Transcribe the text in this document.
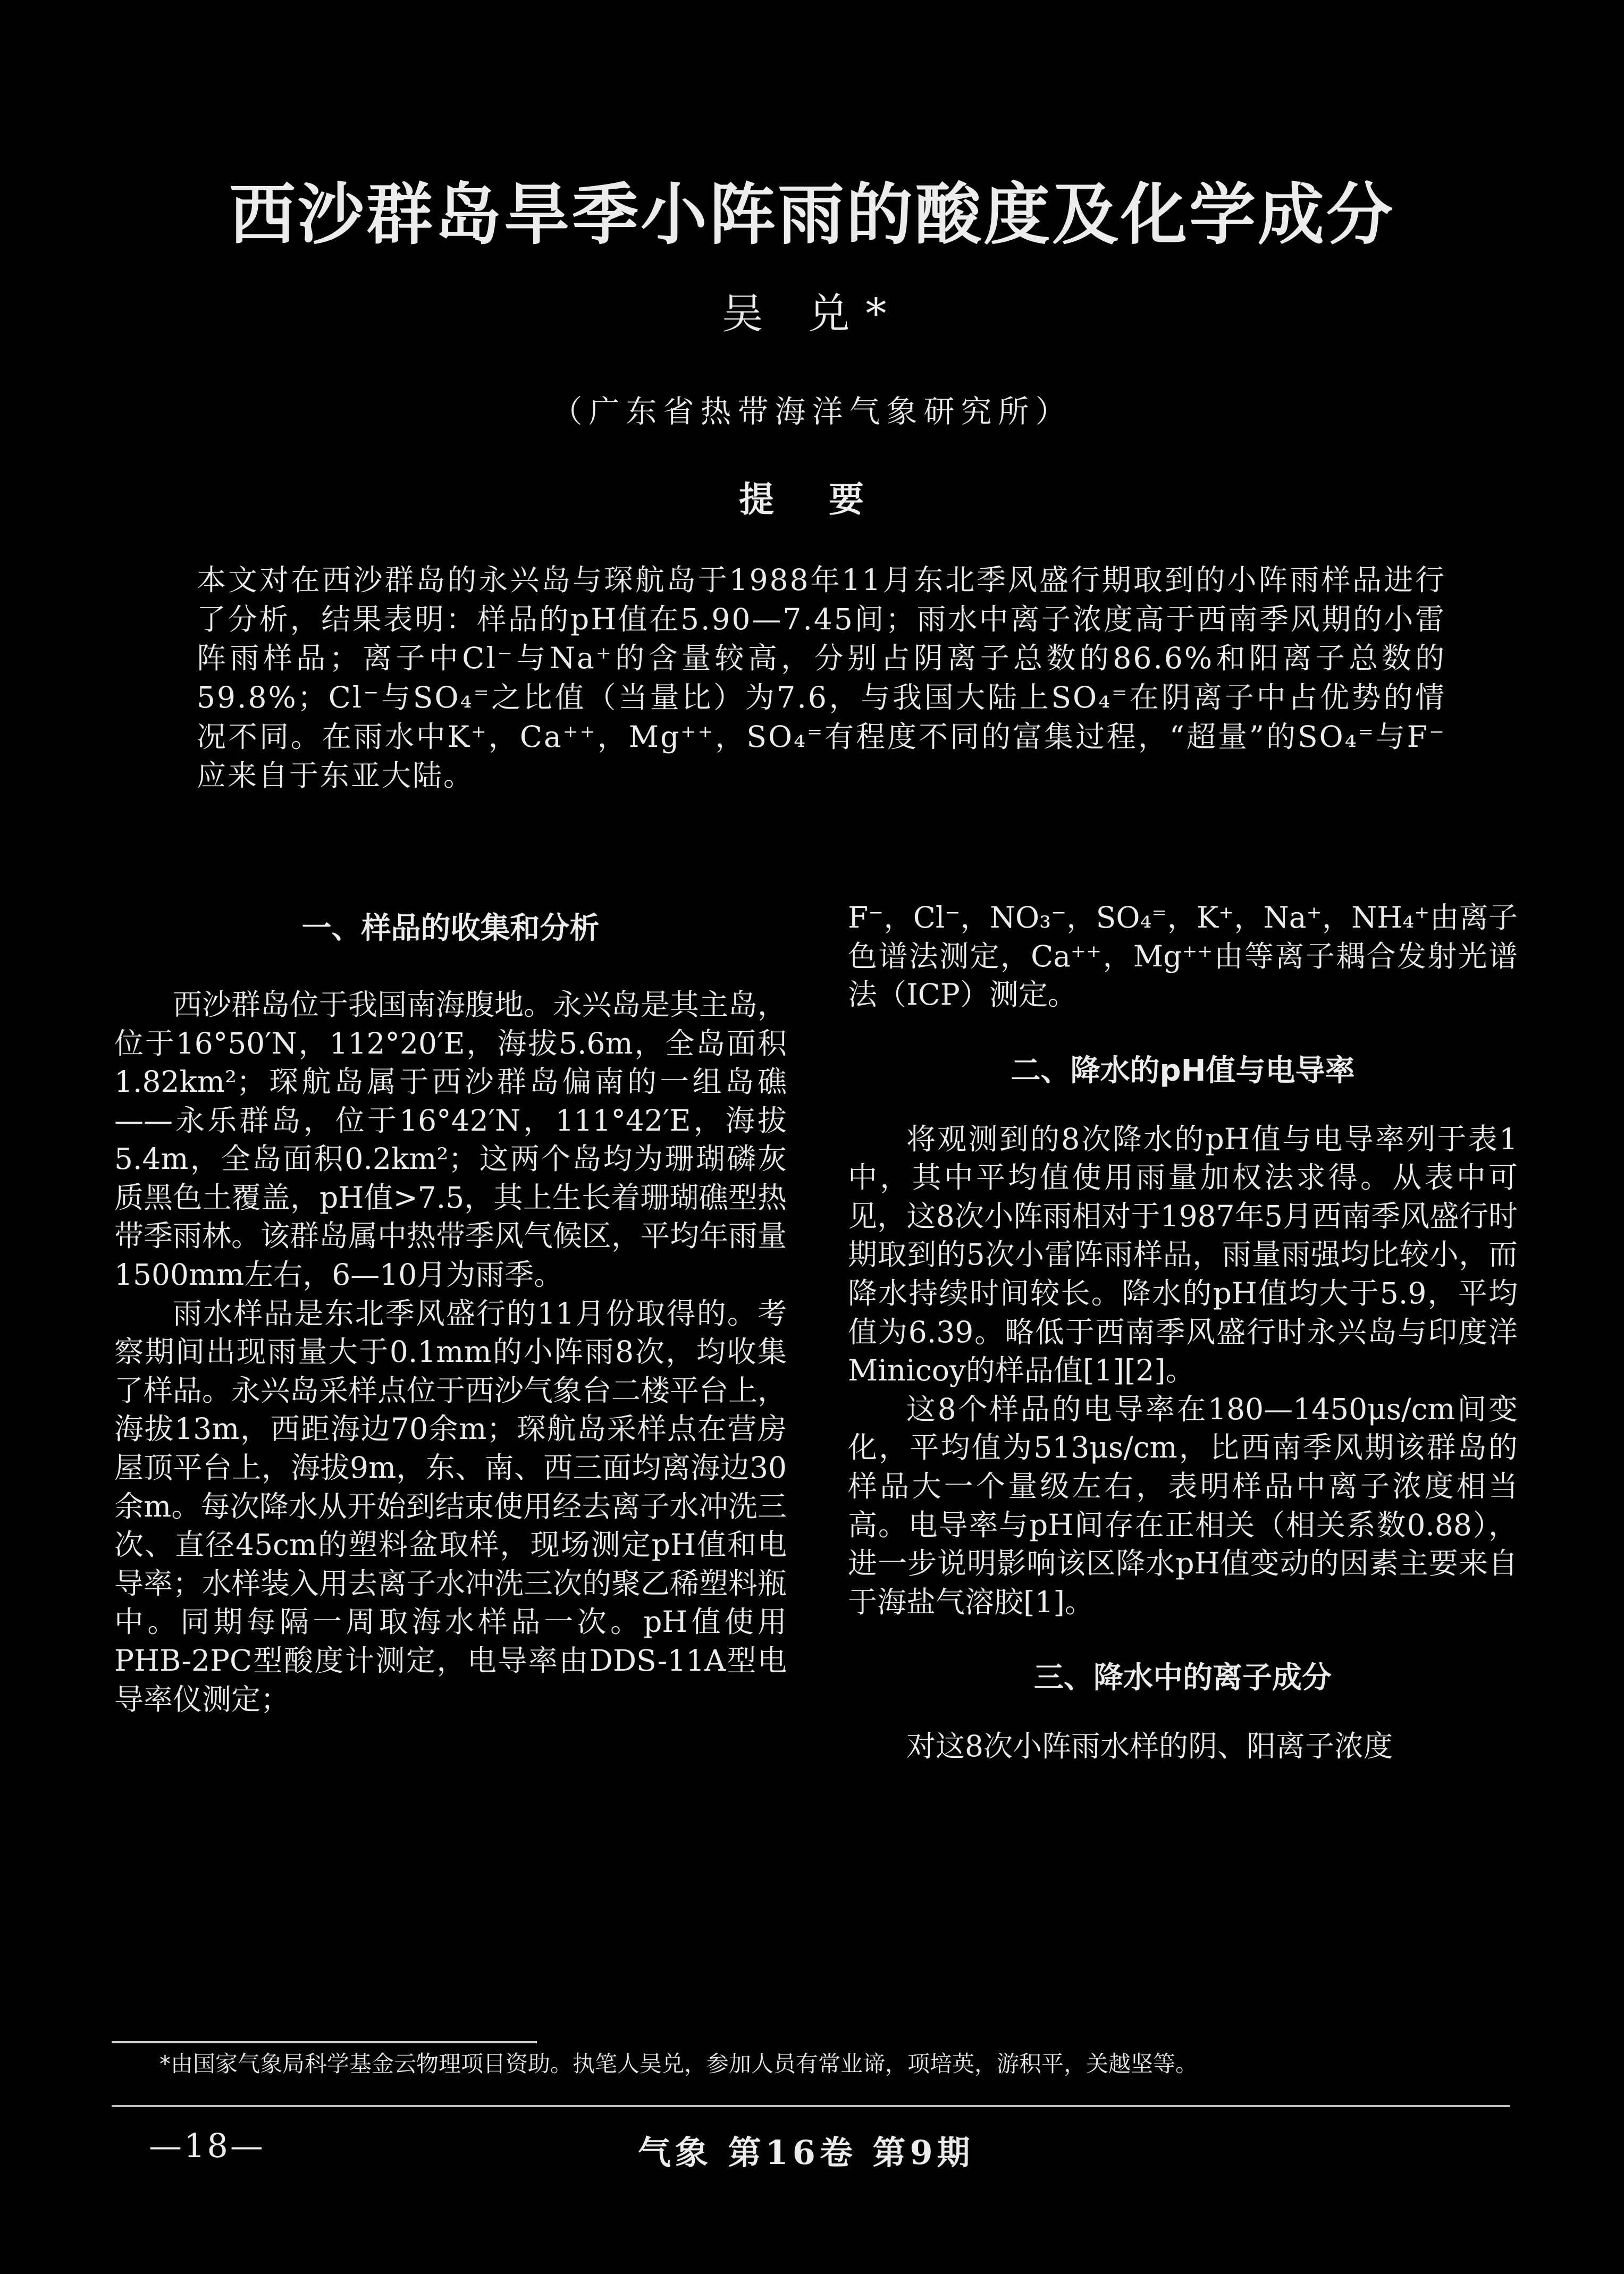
西沙群岛旱季小阵雨的酸度及化学成分
吴 兑*
（广东省热带海洋气象研究所）
提 要
本文对在西沙群岛的永兴岛与琛航岛于1988年11月东北季风盛行期取到的小阵雨样品进行了分析，结果表明：样品的pH值在5.90—7.45间；雨水中离子浓度高于西南季风期的小雷阵雨样品；离子中Cl⁻与Na⁺的含量较高，分别占阴离子总数的86.6%和阳离子总数的59.8%；Cl⁻与SO₄⁼之比值（当量比）为7.6，与我国大陆上SO₄⁼在阴离子中占优势的情况不同。在雨水中K⁺，Ca⁺⁺，Mg⁺⁺，SO₄⁼有程度不同的富集过程，“超量”的SO₄⁼与F⁻应来自于东亚大陆。
一、样品的收集和分析

西沙群岛位于我国南海腹地。永兴岛是其主岛，位于16°50′N，112°20′E，海拔5.6m，全岛面积1.82km²；琛航岛属于西沙群岛偏南的一组岛礁——永乐群岛，位于16°42′N，111°42′E，海拔5.4m，全岛面积0.2km²；这两个岛均为珊瑚磷灰质黑色土覆盖，pH值>7.5，其上生长着珊瑚礁型热带季雨林。该群岛属中热带季风气候区，平均年雨量1500mm左右，6—10月为雨季。

雨水样品是东北季风盛行的11月份取得的。考察期间出现雨量大于0.1mm的小阵雨8次，均收集了样品。永兴岛采样点位于西沙气象台二楼平台上，海拔13m，西距海边70余m；琛航岛采样点在营房屋顶平台上，海拔9m，东、南、西三面均离海边30余m。每次降水从开始到结束使用经去离子水冲洗三次、直径45cm的塑料盆取样，现场测定pH值和电导率；水样装入用去离子水冲洗三次的聚乙稀塑料瓶中。同期每隔一周取海水样品一次。pH值使用PHB-2PC型酸度计测定，电导率由DDS-11A型电导率仪测定；

F⁻，Cl⁻，NO₃⁻，SO₄⁼，K⁺，Na⁺，NH₄⁺由离子色谱法测定，Ca⁺⁺，Mg⁺⁺由等离子耦合发射光谱法（ICP）测定。

二、降水的pH值与电导率

将观测到的8次降水的pH值与电导率列于表1中，其中平均值使用雨量加权法求得。从表中可见，这8次小阵雨相对于1987年5月西南季风盛行时期取到的5次小雷阵雨样品，雨量雨强均比较小，而降水持续时间较长。降水的pH值均大于5.9，平均值为6.39。略低于西南季风盛行时永兴岛与印度洋Minicoy的样品值[1][2]。

这8个样品的电导率在180—1450μs/cm间变化，平均值为513μs/cm，比西南季风期该群岛的样品大一个量级左右，表明样品中离子浓度相当高。电导率与pH间存在正相关（相关系数0.88），进一步说明影响该区降水pH值变动的因素主要来自于海盐气溶胶[1]。

三、降水中的离子成分

对这8次小阵雨水样的阴、阳离子浓度

*由国家气象局科学基金云物理项目资助。执笔人吴兑，参加人员有常业谛，项培英，游积平，关越坚等。
—18—	气象 第16卷 第9期
